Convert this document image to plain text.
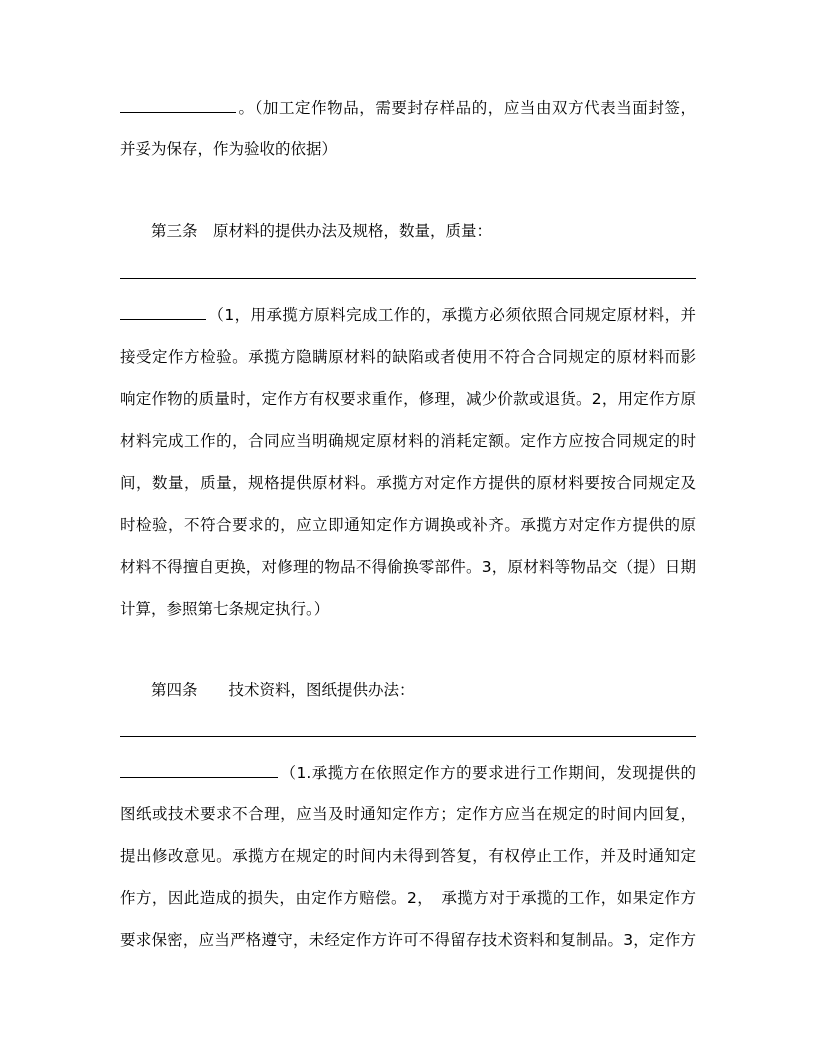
。（加工定作物品，需要封存样品的，应当由双方代表当面封签，
并妥为保存，作为验收的依据）
第三条　原材料的提供办法及规格，数量，质量：
（1，用承揽方原料完成工作的，承揽方必须依照合同规定原材料，并
接受定作方检验。承揽方隐瞒原材料的缺陷或者使用不符合合同规定的原材料而影
响定作物的质量时，定作方有权要求重作，修理，减少价款或退货。2，用定作方原
材料完成工作的，合同应当明确规定原材料的消耗定额。定作方应按合同规定的时
间，数量，质量，规格提供原材料。承揽方对定作方提供的原材料要按合同规定及
时检验，不符合要求的，应立即通知定作方调换或补齐。承揽方对定作方提供的原
材料不得擅自更换，对修理的物品不得偷换零部件。3，原材料等物品交（提）日期
计算，参照第七条规定执行。）
第四条　　技术资料，图纸提供办法：
（1.承揽方在依照定作方的要求进行工作期间，发现提供的
图纸或技术要求不合理，应当及时通知定作方；定作方应当在规定的时间内回复，
提出修改意见。承揽方在规定的时间内未得到答复，有权停止工作，并及时通知定
作方，因此造成的损失，由定作方赔偿。2，　承揽方对于承揽的工作，如果定作方
要求保密，应当严格遵守，未经定作方许可不得留存技术资料和复制品。3，定作方
